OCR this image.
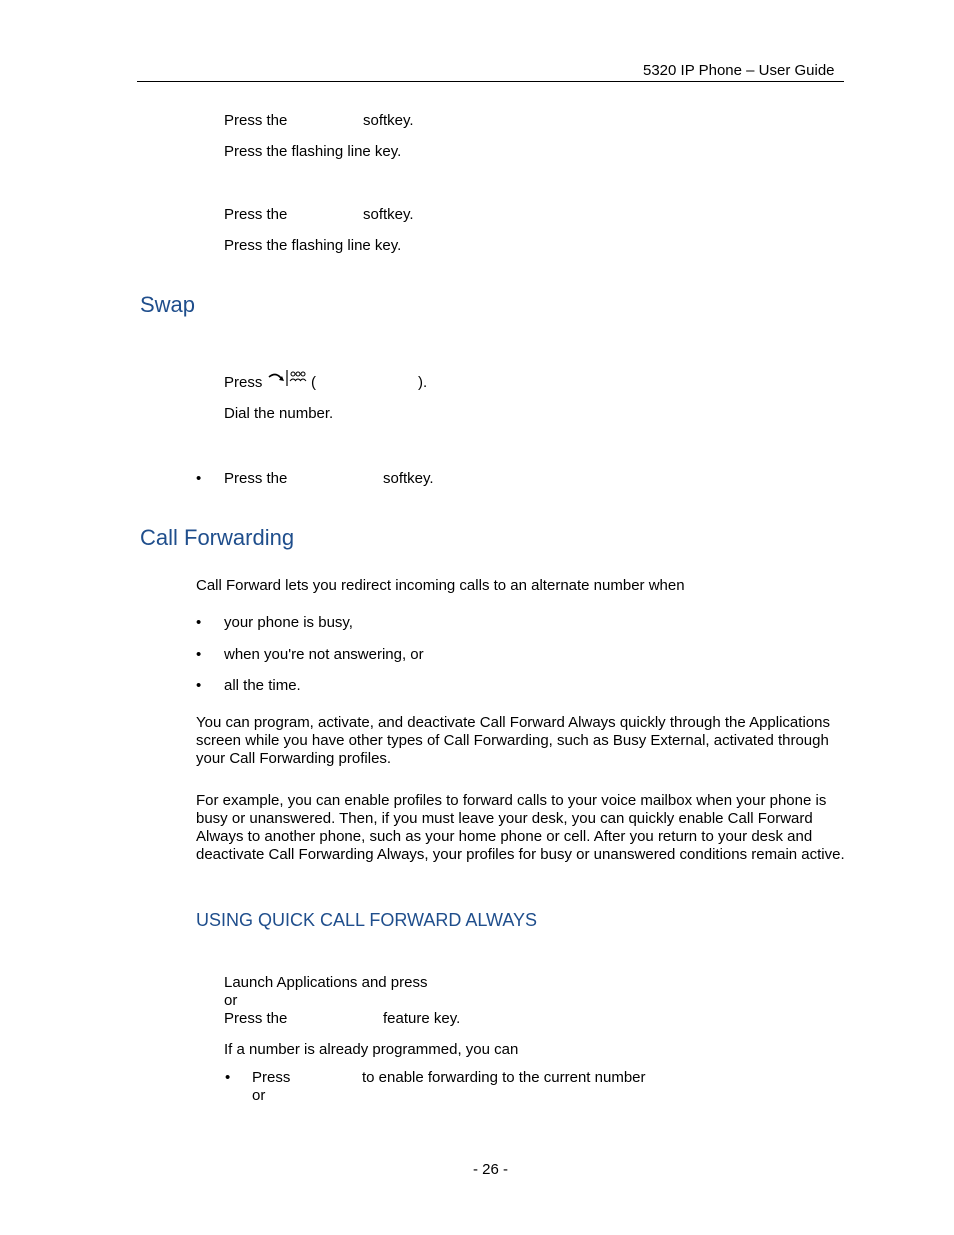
5320 IP Phone – User Guide
Press the	softkey.
Press the flashing line key.
Press the	softkey.
Press the flashing line key.
Swap
Press	(	).
Dial the number.
• Press the	softkey.
Call Forwarding
Call Forward lets you redirect incoming calls to an alternate number when
• your phone is busy,
• when you're not answering, or
• all the time.
You can program, activate, and deactivate Call Forward Always quickly through the Applications screen while you have other types of Call Forwarding, such as Busy External, activated through your Call Forwarding profiles.
For example, you can enable profiles to forward calls to your voice mailbox when your phone is busy or unanswered. Then, if you must leave your desk, you can quickly enable Call Forward Always to another phone, such as your home phone or cell. After you return to your desk and deactivate Call Forwarding Always, your profiles for busy or unanswered conditions remain active.
USING QUICK CALL FORWARD ALWAYS
Launch Applications and press
or
Press the	feature key.
If a number is already programmed, you can
• Press	to enable forwarding to the current number
or
- 26 -
